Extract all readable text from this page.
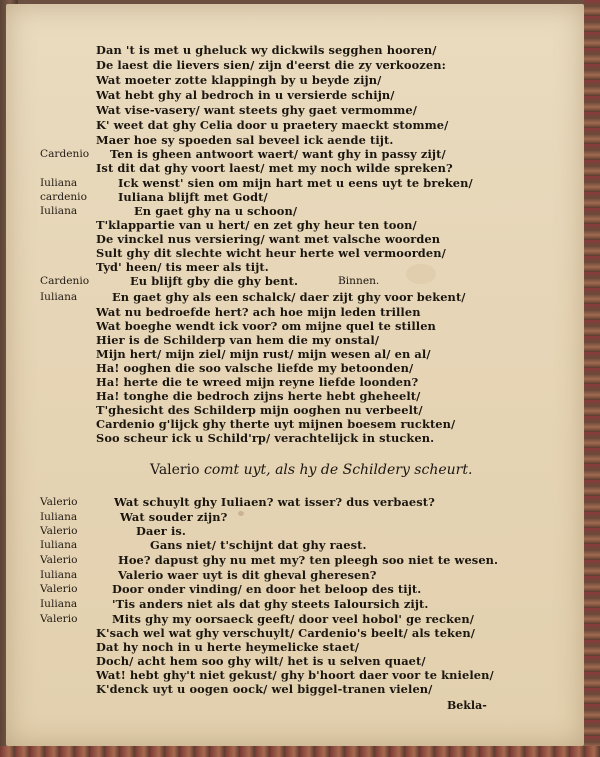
Dan 't is met u gheluck wy dickwils segghen hooren/
De laest die lievers sien/ zijn d'eerst die zy verkoozen:
Wat moeter zotte klappingh by u beyde zijn/
Wat hebt ghy al bedroch in u versierde schijn/
Wat vise-vasery/ want steets ghy gaet vermomme/
K' weet dat ghy Celia door u praetery maeckt stomme/
Maer hoe sy spoeden sal beveel ick aende tijt.
Cardenio Ten is gheen antwoort waert/ want ghy in passy zijt/
Ist dit dat ghy voort laest/ met my noch wilde spreken?
Iuliana	Ick wenst' sien om mijn hart met u eens uyt te breken/
cardenio	Iuliana blijft met Godt/
Iuliana	En gaet ghy na u schoon/
T'klappartie van u hert/ en zet ghy heur ten toon/
De vinckel nus versiering/ want met valsche woorden
Sult ghy dit slechte wicht heur herte wel vermoorden/
Tyd' heen/ tis meer als tijt.
Cardenio	Eu blijft gby die ghy bent.	Binnen.
Iuliana	En gaet ghy als een schalck/ daer zijt ghy voor bekent/
Wat nu bedroefde hert? ach hoe mijn leden trillen
Wat boeghe wendt ick voor? om mijne quel te stillen
Hier is de Schilderp van hem die my onstal/
Mijn hert/ mijn ziel/ mijn rust/ mijn wesen al/ en al/
Ha! ooghen die soo valsche liefde my betoonden/
Ha! herte die te wreed mijn reyne liefde loonden?
Ha! tonghe die bedroch zijns herte hebt gheheelt/
T'ghesicht des Schilderp mijn ooghen nu verbeelt/
Cardenio g'lijck ghy therte uyt mijnen boesem ruckten/
Soo scheur ick u Schild'rp/ verachtelijck in stucken.
Valerio	Wat schuylt ghy Iuliaen? wat isser? dus verbaest?
Iuliana	Wat souder zijn?
Valerio	Daer is.
Iuliana	Gans niet/ t'schijnt dat ghy raest.
Valerio	Hoe? dapust ghy nu met my? ten pleegh soo niet te wesen.
Iuliana	Valerio waer uyt is dit gheval gheresen?
Valerio	Door onder vinding/ en door het beloop des tijt.
Iuliana	'Tis anders niet als dat ghy steets Ialoursich zijt.
Valerio	Mits ghy my oorsaeck geeft/ door veel hobol' ge recken/
K'sach wel wat ghy verschuylt/ Cardenio's beelt/ als teken/
Dat hy noch in u herte heymelicke staet/
Doch/ acht hem soo ghy wilt/ het is u selven quaet/
Wat! hebt ghy't niet gekust/ ghy b'hoort daer voor te knielen/
K'denck uyt u oogen oock/ wel biggel-tranen vielen/
Valerio comt uyt, als hy de Schildery scheurt.
Bekla-
